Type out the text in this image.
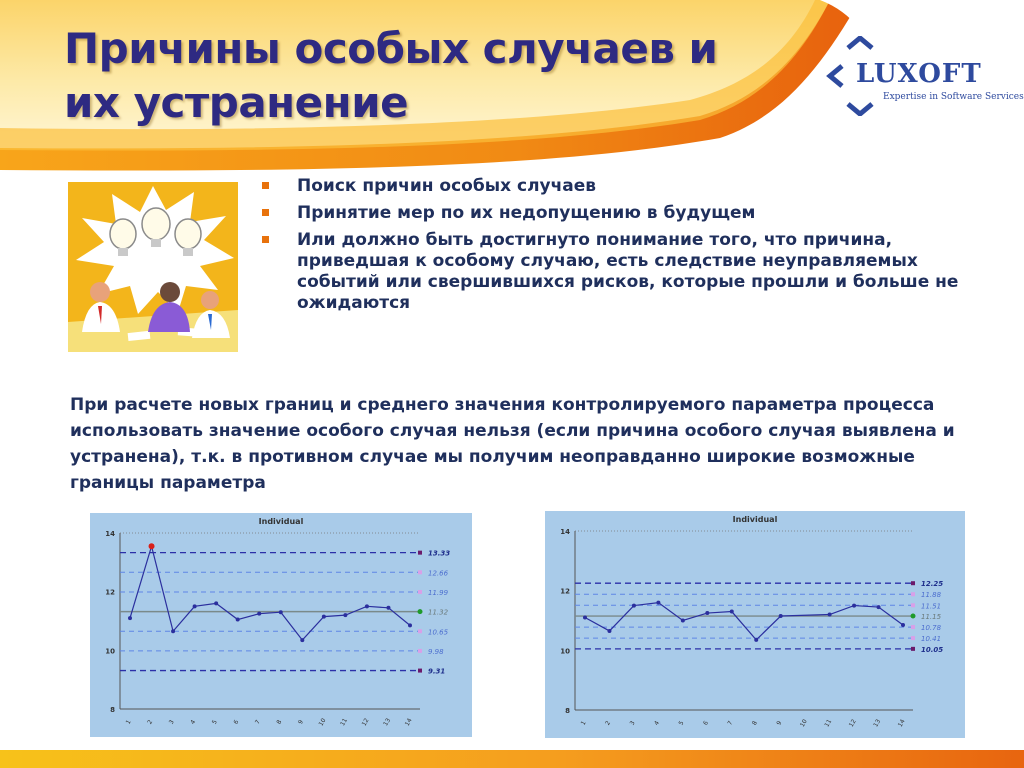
Причины особых случаев и
их устранение
LUXOFT
Expertise in Software Services
Поиск причин особых случаев
Принятие мер по их недопущению в будущем
Или должно быть достигнуто понимание того, что причина, приведшая к особому случаю, есть следствие неуправляемых событий или свершившихся рисков, которые прошли и больше не ожидаются

При расчете новых границ и среднего значения контролируемого параметра процесса использовать значение особого случая нельзя (если причина особого случая выявлена и устранена), т.к. в противном случае мы получим неоправданно широкие возможные границы параметра

Individual
8
10
12
14
1 2 3 4 5 6 7 8 9 10 11 12 13 14
13.33
12.66
11.99
11.32
10.65
9.98
9.31
Individual
8
10
12
14
1	2	3	4	5	6	7	8	9	10 11 12 13 14
12.25
11.88
11.51
11.15
10.78
10.41
10.05
